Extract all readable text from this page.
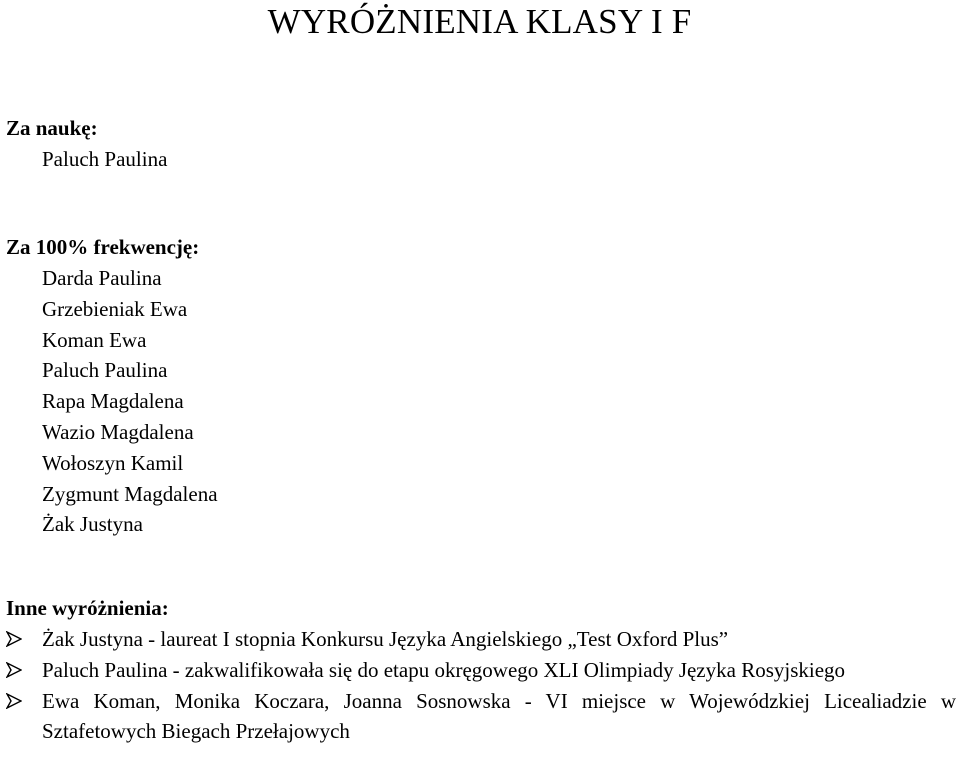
WYRÓŻNIENIA KLASY I F

Za naukę:

Paluch Paulina

Za 100% frekwencję:

Darda Paulina
Grzebieniak Ewa
Koman Ewa
Paluch Paulina
Rapa Magdalena
Wazio Magdalena
Wołoszyn Kamil
Zygmunt Magdalena
Żak Justyna

Inne wyróżnienia:

Żak Justyna - laureat I stopnia Konkursu Języka Angielskiego „Test Oxford Plus”
Paluch Paulina - zakwalifikowała się do etapu okręgowego XLI Olimpiady Języka Rosyjskiego
Ewa Koman, Monika Koczara, Joanna Sosnowska - VI miejsce w Wojewódzkiej Licealiadzie w Sztafetowych Biegach Przełajowych
